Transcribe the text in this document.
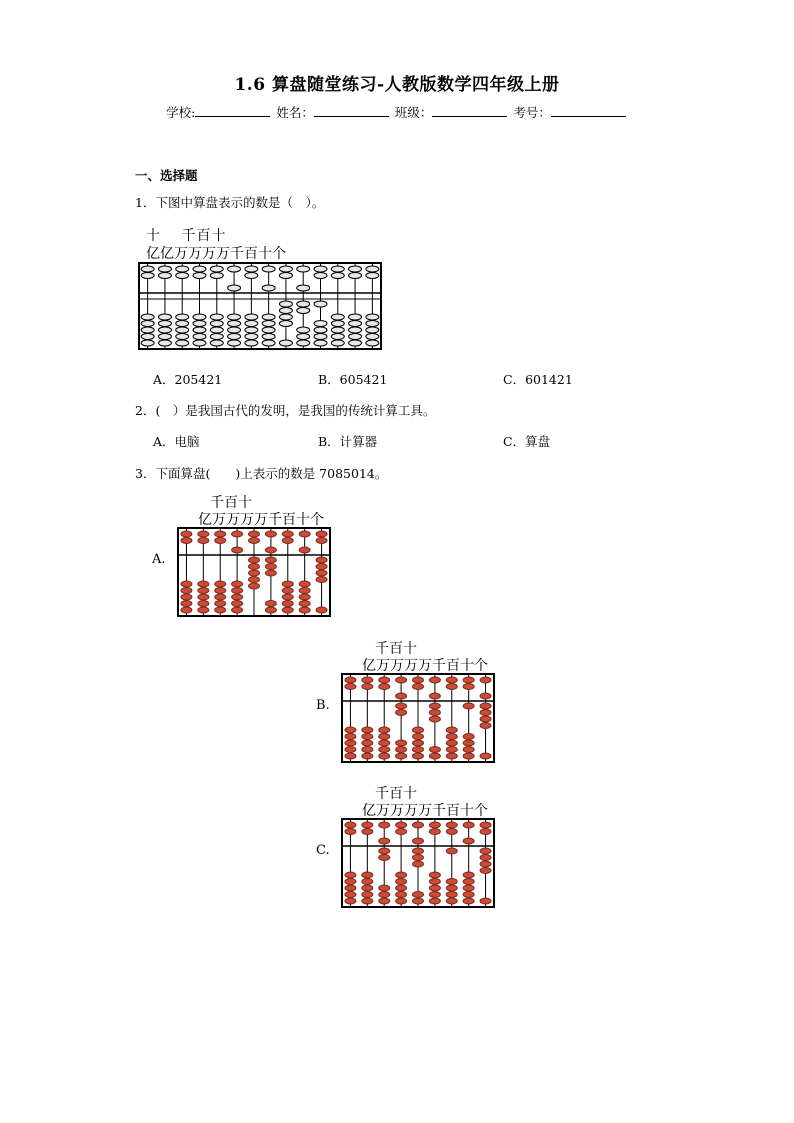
1.6 算盘随堂练习-人教版数学四年级上册
学校:	姓名：	班级：	考号：
一、选择题
1．下图中算盘表示的数是（　）。
十　 千百十
亿亿万万万万千百十个
A．205421	B．605421	C．601421
2．(　）是我国古代的发明，是我国的传统计算工具。
A．电脑	B．计算器	C．算盘
3．下面算盘(　　)上表示的数是 7085014。
千百十
亿万万万万千百十个
A.
千百十
亿万万万万千百十个
B.
千百十
亿万万万万千百十个
C.
